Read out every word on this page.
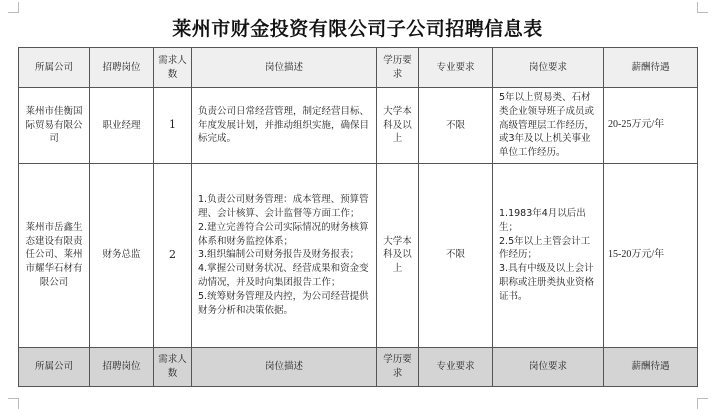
莱州市财金投资有限公司子公司招聘信息表
所属公司	招聘岗位	需求人数	岗位描述	学历要求	专业要求	岗位要求	薪酬待遇
莱州市佳衡国际贸易有限公司	职业经理	1	负责公司日常经营管理，制定经营目标、年度发展计划，并推动组织实施，确保目标完成。	大学本科及以上	不限	5年以上贸易类、石材类企业领导班子成员或高级管理层工作经历，或3年及以上机关事业单位工作经历。	20-25万元/年
莱州市岳鑫生态建设有限责任公司、莱州市耀华石材有限公司	财务总监	2	1.负责公司财务管理：成本管理、预算管理、会计核算、会计监督等方面工作；
2.建立完善符合公司实际情况的财务核算体系和财务监控体系；
3.组织编制公司财务报告及财务报表；
4.掌握公司财务状况、经营成果和资金变动情况，并及时向集团报告工作；
5.统筹财务管理及内控，为公司经营提供财务分析和决策依据。	大学本科及以上	不限	1.1983年4月以后出生；
2.5年以上主管会计工作经历；
3.具有中级及以上会计职称或注册类执业资格证书。	15-20万元/年
所属公司	招聘岗位	需求人数	岗位描述	学历要求	专业要求	岗位要求	薪酬待遇
